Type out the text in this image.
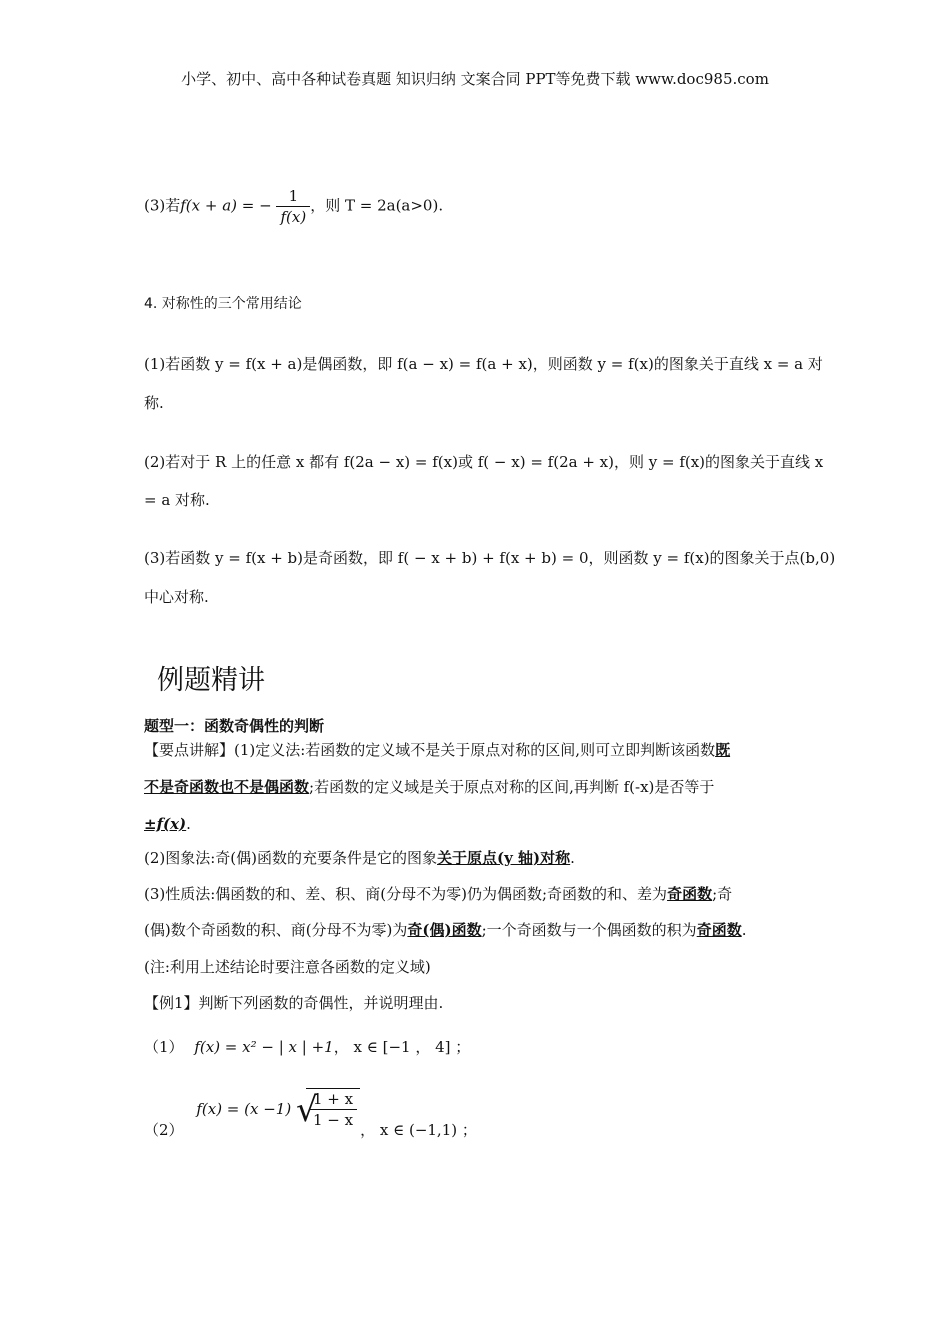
小学、初中、高中各种试卷真题 知识归纳 文案合同 PPT等免费下载 www.doc985.com
(3)若f(x + a) = − $\frac{1}{f(x)}$ ，则 T = 2a(a>0).
4. 对称性的三个常用结论
(1)若函数 y = f(x + a)是偶函数，即 f(a − x) = f(a + x)，则函数 y = f(x)的图象关于直线 x = a 对
称.
(2)若对于 R 上的任意 x 都有 f(2a − x) = f(x)或 f( − x) = f(2a + x)，则 y = f(x)的图象关于直线 x
= a 对称.
(3)若函数 y = f(x + b)是奇函数，即 f( − x + b) + f(x + b) = 0，则函数 y = f(x)的图象关于点(b,0)
中心对称.
例题精讲
题型一：函数奇偶性的判断
【要点讲解】(1)定义法:若函数的定义域不是关于原点对称的区间,则可立即判断该函数既
不是奇函数也不是偶函数;若函数的定义域是关于原点对称的区间,再判断 f(-x)是否等于
±f(x).
(2)图象法:奇(偶)函数的充要条件是它的图象关于原点(y 轴)对称.
(3)性质法:偶函数的和、差、积、商(分母不为零)仍为偶函数;奇函数的和、差为奇函数;奇
(偶)数个奇函数的积、商(分母不为零)为奇(偶)函数;一个奇函数与一个偶函数的积为奇函数.
(注:利用上述结论时要注意各函数的定义域)
【例1】判断下列函数的奇偶性，并说明理由.
（1） f(x) = x² − | x | +1， x ∈ [−1 ， 4] ；
（2） f(x) = (x −1) √
$\frac{1 + x}{1 - x}$ ， x ∈ (−1,1) ；
